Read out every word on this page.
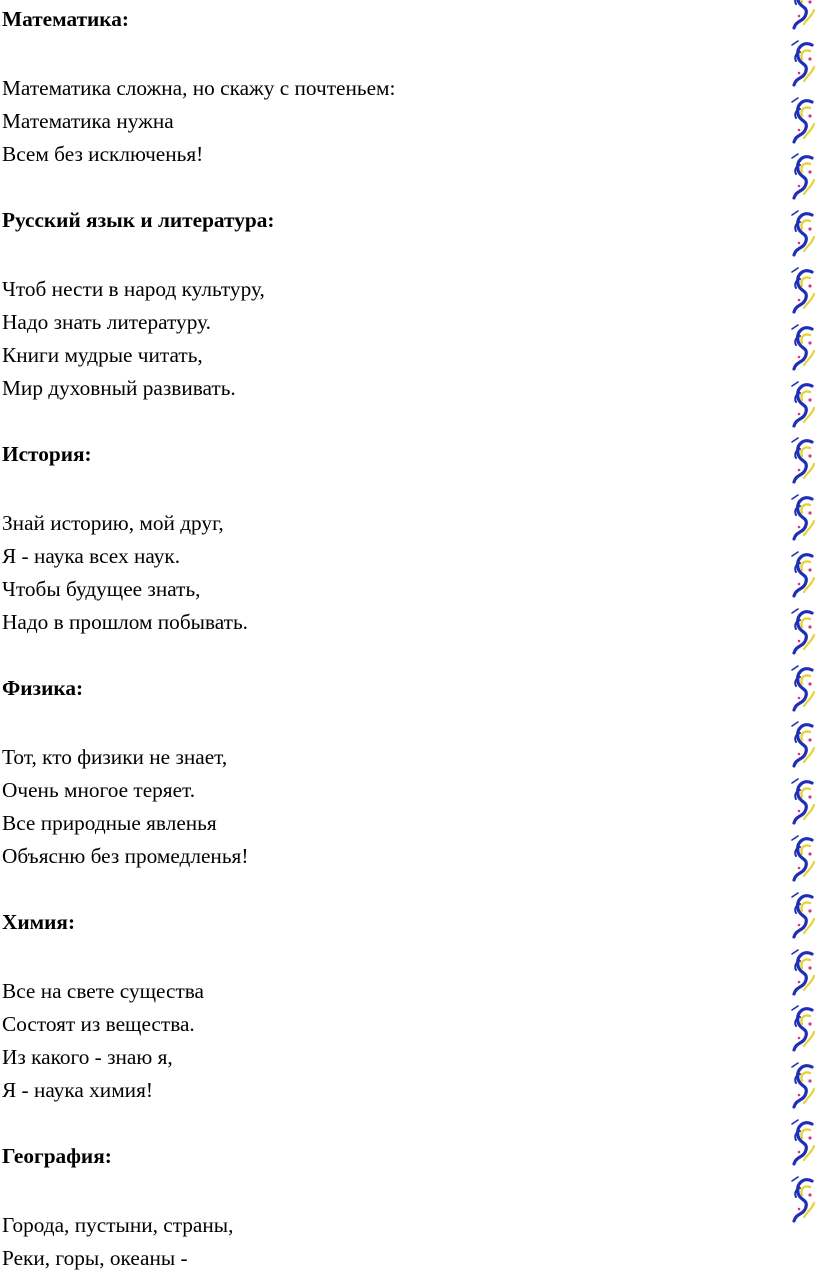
Математика:
Математика сложна, но скажу с почтеньем:
Математика нужна
Всем без исключенья!
Русский язык и литература:
Чтоб нести в народ культуру,
Надо знать литературу.
Книги мудрые читать,
Мир духовный развивать.
История:
Знай историю, мой друг,
Я - наука всех наук.
Чтобы будущее знать,
Надо в прошлом побывать.
Физика:
Тот, кто физики не знает,
Очень многое теряет.
Все природные явленья
Объясню без промедленья!
Химия:
Все на свете существа
Состоят из вещества.
Из какого - знаю я,
Я - наука химия!
География:
Города, пустыни, страны,
Реки, горы, океаны -
